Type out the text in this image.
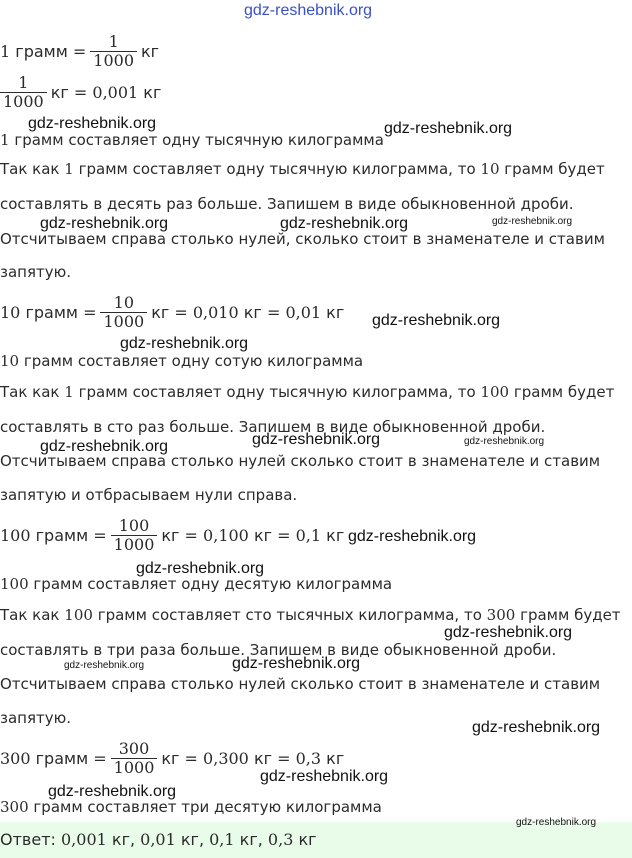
gdz-reshebnik.org
1
грамм
= $\frac{1}{1000}$ кг
$\frac{1}{1000}$ кг
=
0,001
кг
1 грамм составляет одну тысячную килограмма
Так как 1 грамм составляет одну тысячную килограмма, то 10 грамм будет
составлять в десять раз больше. Запишем в виде обыкновенной дроби.
Отсчитываем справа столько нулей, сколько стоит в знаменателе и ставим
запятую.
10
грамм
= $\frac{10}{1000}$ кг
=
0,010
кг
=
0,01
кг
10 грамм составляет одну сотую килограмма
Так как 1 грамм составляет одну тысячную килограмма, то 100 грамм будет
составлять в сто раз больше. Запишем в виде обыкновенной дроби.
Отсчитываем справа столько нулей сколько стоит в знаменателе и ставим
запятую и отбрасываем нули справа.
100
грамм
= $\frac{100}{1000}$ кг
=
0,100
кг
=
0,1
кг
100 грамм составляет одну десятую килограмма
Так как 100 грамм составляет сто тысячных килограмма, то 300 грамм будет
составлять в три раза больше. Запишем в виде обыкновенной дроби.
Отсчитываем справа столько нулей сколько стоит в знаменателе и ставим
запятую.
300
грамм
= $\frac{300}{1000}$ кг
=
0,300
кг
=
0,3
кг
300 грамм составляет три десятую килограмма
Ответ: 0,001 кг, 0,01 кг, 0,1 кг, 0,3 кг
gdz-reshebnik.org	gdz-reshebnik.org
gdz-reshebnik.org	gdz-reshebnik.org	gdz-reshebnik.org
gdz-reshebnik.org
gdz-reshebnik.org
gdz-reshebnik.org	gdz-reshebnik.org	gdz-reshebnik.org
gdz-reshebnik.org
gdz-reshebnik.org
gdz-reshebnik.org
gdz-reshebnik.org	gdz-reshebnik.org
gdz-reshebnik.org
gdz-reshebnik.org
gdz-reshebnik.org
gdz-reshebnik.org
